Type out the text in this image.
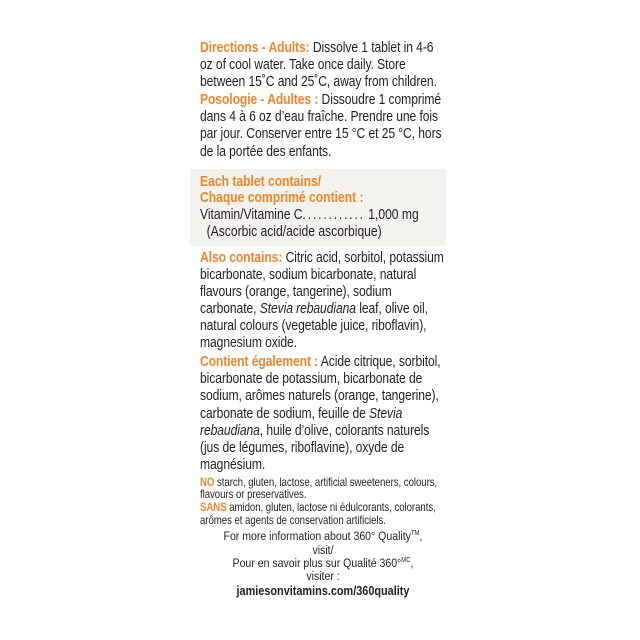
Directions - Adults: Dissolve 1 tablet in 4-6 oz of cool water. Take once daily. Store between 15˚C and 25˚C, away from children.
Posologie - Adultes : Dissoudre 1 comprimé dans 4 à 6 oz d’eau fraîche. Prendre une fois par jour. Conserver entre 15 °C et 25 °C, hors de la portée des enfants.
Each tablet contains/
Chaque comprimé contient :
Vitamin/Vitamine C ............
1,000 mg
(Ascorbic acid/acide ascorbique)
Also contains: Citric acid, sorbitol, potassium bicarbonate, sodium bicarbonate, natural flavours (orange, tangerine), sodium carbonate, Stevia rebaudiana leaf, olive oil, natural colours (vegetable juice, riboflavin), magnesium oxide.
Contient également : Acide citrique, sorbitol, bicarbonate de potassium, bicarbonate de sodium, arômes naturels (orange, tangerine), carbonate de sodium, feuille de Stevia rebaudiana, huile d’olive, colorants naturels (jus de légumes, riboflavine), oxyde de magnésium.
NO starch, gluten, lactose, artificial sweeteners, colours, flavours or preservatives.
SANS amidon, gluten, lactose ni édulcorants, colorants, arômes et agents de conservation artificiels.
For more information about 360° Quality™, visit/
Pour en savoir plus sur Qualité 360°$^{MC}$, visiter :
jamiesonvitamins.com/360quality
